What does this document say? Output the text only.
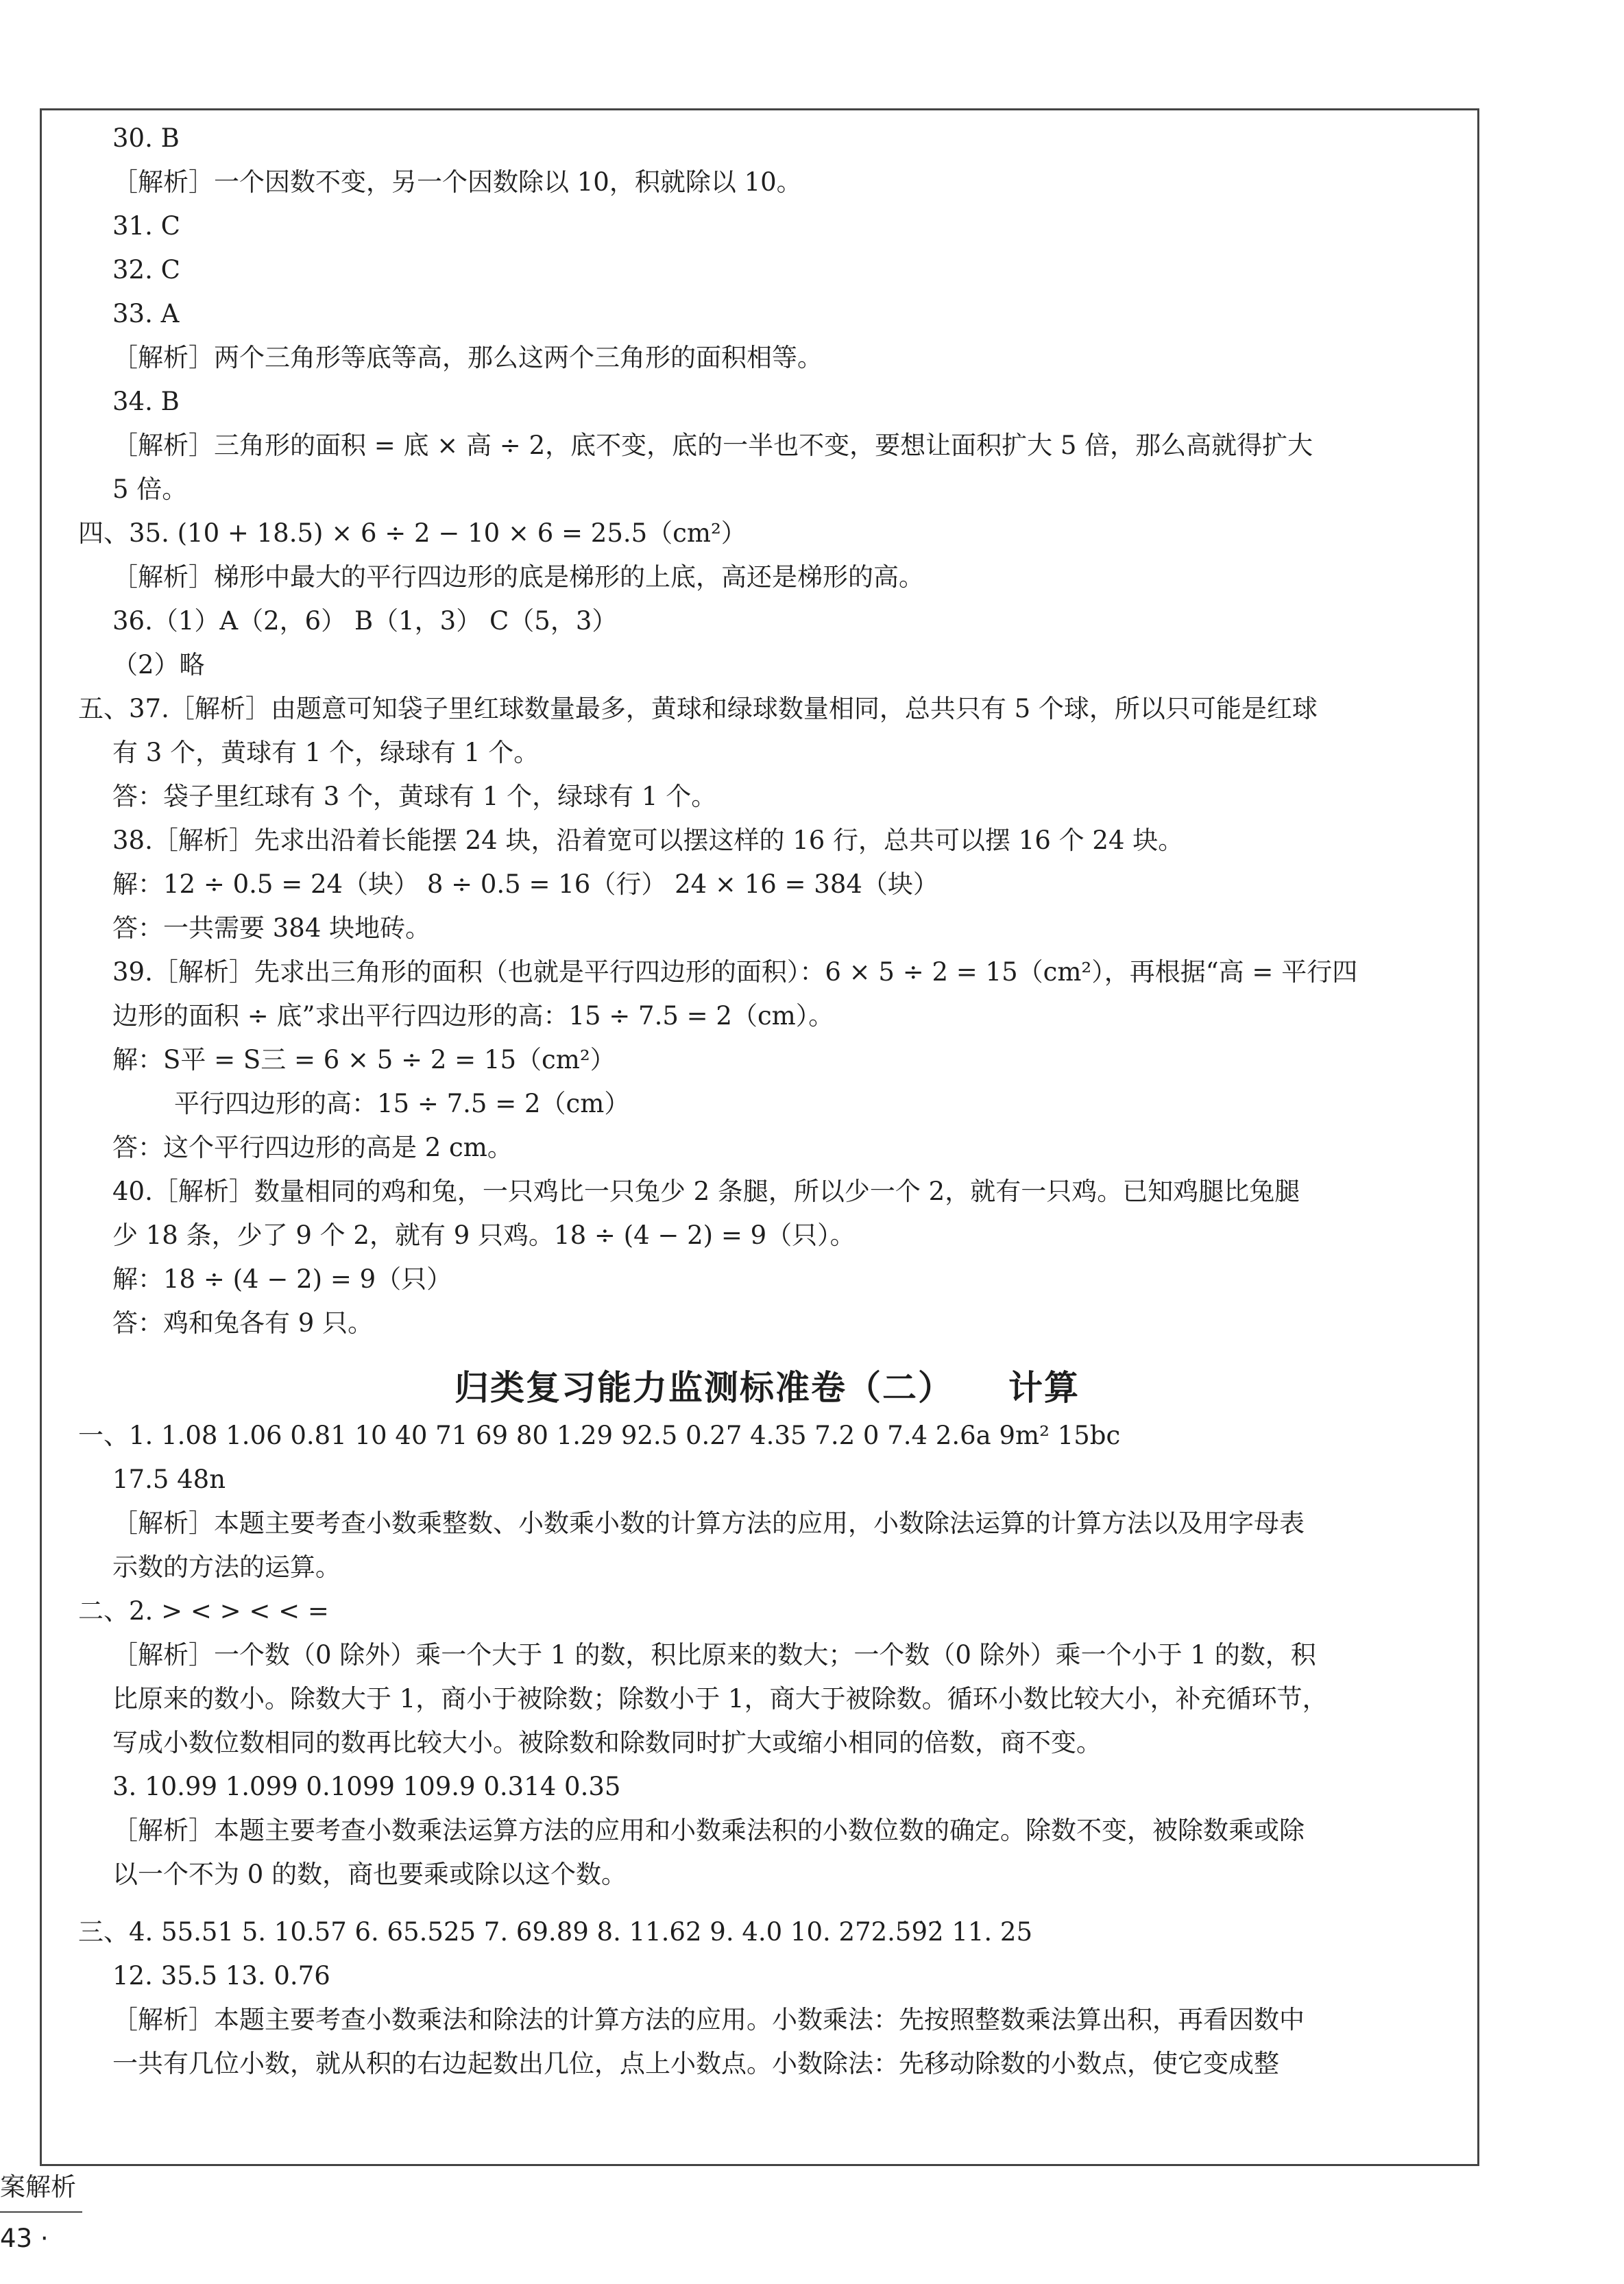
30. B
［解析］一个因数不变，另一个因数除以 10，积就除以 10。
31. C
32. C
33. A
［解析］两个三角形等底等高，那么这两个三角形的面积相等。
34. B
［解析］三角形的面积 = 底 × 高 ÷ 2，底不变，底的一半也不变，要想让面积扩大 5 倍，那么高就得扩大
5 倍。
四、35. (10 + 18.5) × 6 ÷ 2 − 10 × 6 = 25.5（cm²）
［解析］梯形中最大的平行四边形的底是梯形的上底，高还是梯形的高。
36.（1）A（2，6） B（1，3） C（5，3）
（2）略
五、37.［解析］由题意可知袋子里红球数量最多，黄球和绿球数量相同，总共只有 5 个球，所以只可能是红球
有 3 个，黄球有 1 个，绿球有 1 个。
答：袋子里红球有 3 个，黄球有 1 个，绿球有 1 个。
38.［解析］先求出沿着长能摆 24 块，沿着宽可以摆这样的 16 行，总共可以摆 16 个 24 块。
解：12 ÷ 0.5 = 24（块） 8 ÷ 0.5 = 16（行） 24 × 16 = 384（块）
答：一共需要 384 块地砖。
39.［解析］先求出三角形的面积（也就是平行四边形的面积）：6 × 5 ÷ 2 = 15（cm²），再根据“高 = 平行四
边形的面积 ÷ 底”求出平行四边形的高：15 ÷ 7.5 = 2（cm）。
解：S平 = S三 = 6 × 5 ÷ 2 = 15（cm²）
平行四边形的高：15 ÷ 7.5 = 2（cm）
答：这个平行四边形的高是 2 cm。
40.［解析］数量相同的鸡和兔，一只鸡比一只兔少 2 条腿，所以少一个 2，就有一只鸡。已知鸡腿比兔腿
少 18 条，少了 9 个 2，就有 9 只鸡。18 ÷ (4 − 2) = 9（只）。
解：18 ÷ (4 − 2) = 9（只）
答：鸡和兔各有 9 只。
归类复习能力监测标准卷（二） 计算
一、1. 1.08 1.06 0.81 10 40 71 69 80 1.29 92.5 0.27 4.35 7.2 0 7.4 2.6a 9m² 15bc
17.5 48n
［解析］本题主要考查小数乘整数、小数乘小数的计算方法的应用，小数除法运算的计算方法以及用字母表
示数的方法的运算。
二、2. > < > < < =
［解析］一个数（0 除外）乘一个大于 1 的数，积比原来的数大；一个数（0 除外）乘一个小于 1 的数，积
比原来的数小。除数大于 1，商小于被除数；除数小于 1，商大于被除数。循环小数比较大小，补充循环节，
写成小数位数相同的数再比较大小。被除数和除数同时扩大或缩小相同的倍数，商不变。
3. 10.99 1.099 0.1099 109.9 0.314 0.35
［解析］本题主要考查小数乘法运算方法的应用和小数乘法积的小数位数的确定。除数不变，被除数乘或除
以一个不为 0 的数，商也要乘或除以这个数。
三、4. 55.51 5. 10.57 6. 65.525 7. 69.89 8. 11.62 9. 4.0 10. 272.5̇9̇2̇ 11. 25
12. 35.5 13. 0.76
［解析］本题主要考查小数乘法和除法的计算方法的应用。小数乘法：先按照整数乘法算出积，再看因数中
一共有几位小数，就从积的右边起数出几位，点上小数点。小数除法：先移动除数的小数点，使它变成整
案解析
43 ·
